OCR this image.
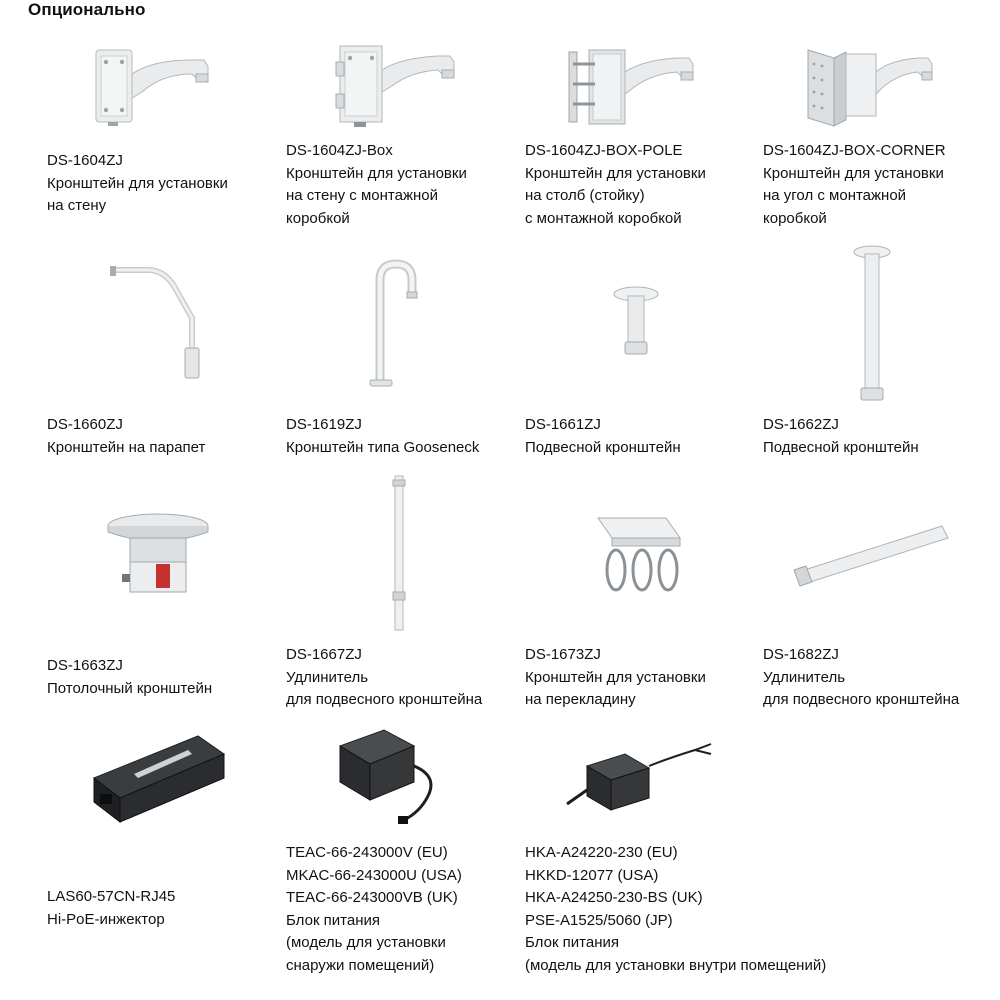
Опционально
DS-1604ZJ
Кронштейн для установки
на стену
DS-1604ZJ-Box
Кронштейн для установки
на стену с монтажной
коробкой
DS-1604ZJ-BOX-POLE
Кронштейн для установки
на столб (стойку)
с монтажной коробкой
DS-1604ZJ-BOX-CORNER
Кронштейн для установки
на угол с монтажной
коробкой
DS-1660ZJ
Кронштейн на парапет
DS-1619ZJ
Кронштейн типа Gooseneck
DS-1661ZJ
Подвесной кронштейн
DS-1662ZJ
Подвесной кронштейн
DS-1663ZJ
Потолочный кронштейн
DS-1667ZJ
Удлинитель
для подвесного кронштейна
DS-1673ZJ
Кронштейн для установки
на перекладину
DS-1682ZJ
Удлинитель
для подвесного кронштейна
LAS60-57CN-RJ45
Hi-PoE-инжектор
TEAC-66-243000V (EU)
MKAC-66-243000U (USA)
TEAC-66-243000VB (UK)
Блок питания
(модель для установки
снаружи помещений)
HKA-A24220-230 (EU)
HKKD-12077 (USA)
HKA-A24250-230-BS (UK)
PSE-A1525/5060 (JP)
Блок питания
(модель для установки внутри помещений)
